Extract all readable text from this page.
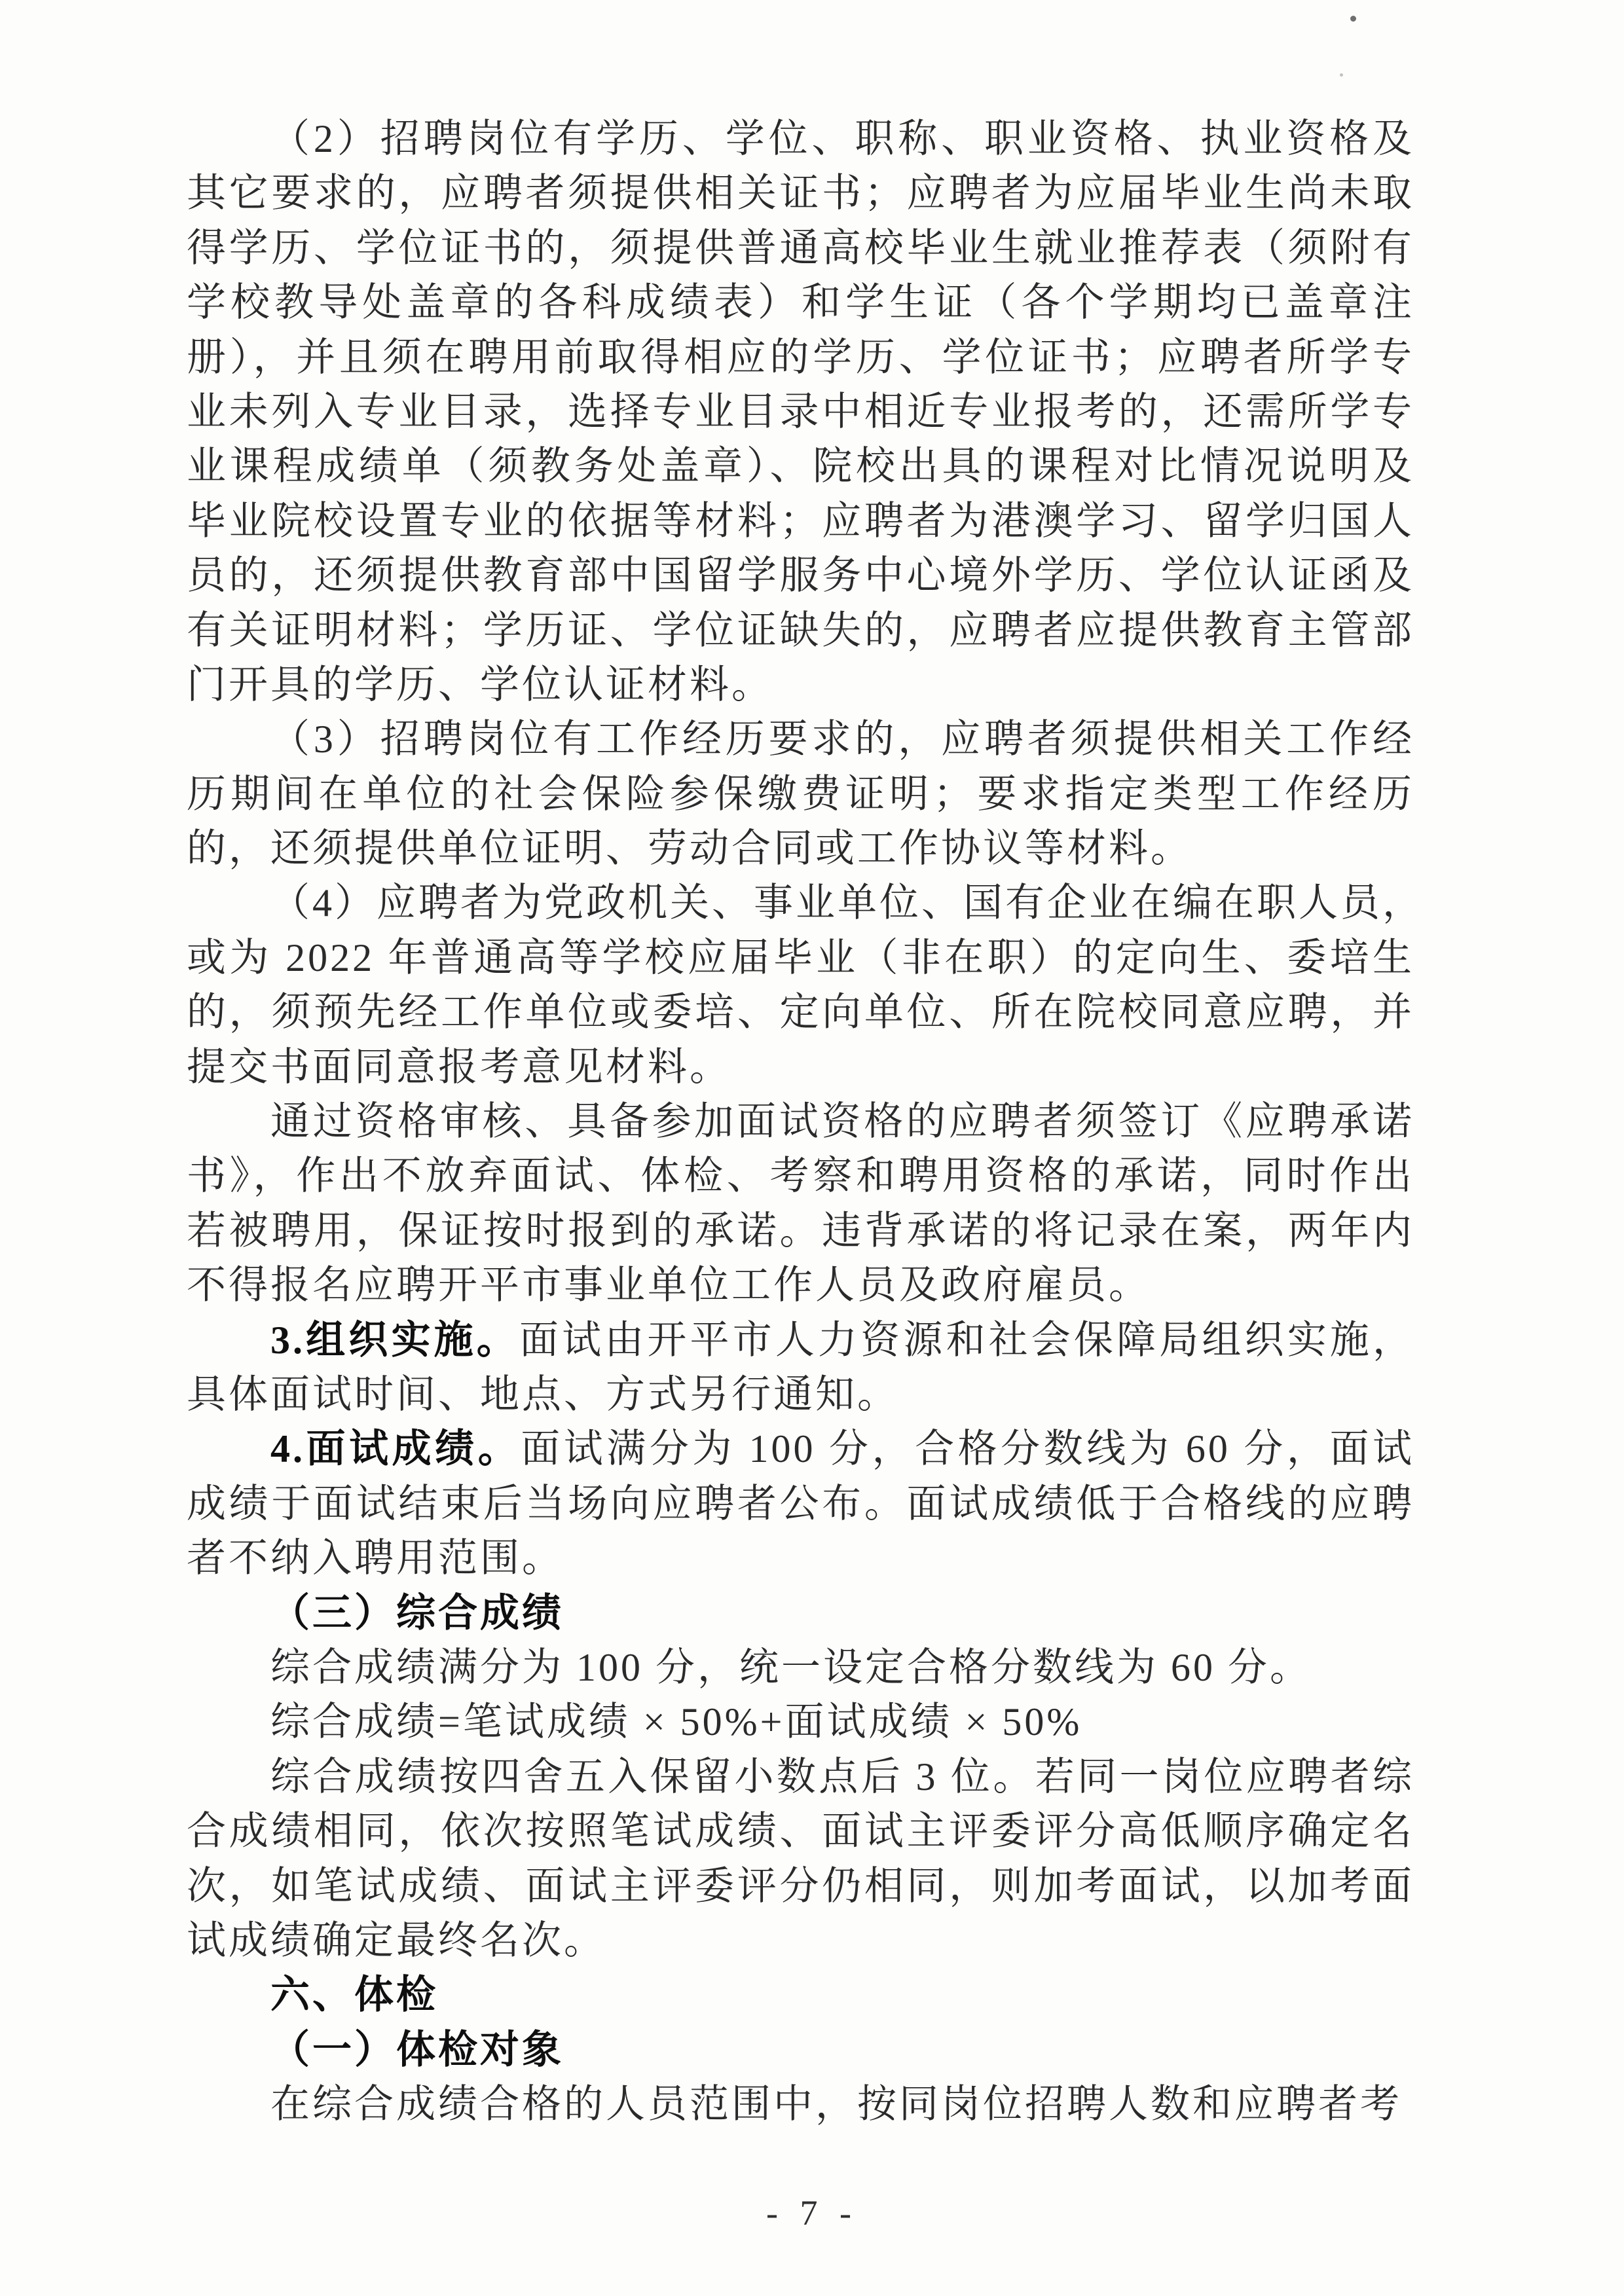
（2）招聘岗位有学历、学位、职称、职业资格、执业资格及
其它要求的，应聘者须提供相关证书；应聘者为应届毕业生尚未取
得学历、学位证书的，须提供普通高校毕业生就业推荐表（须附有
学校教导处盖章的各科成绩表）和学生证（各个学期均已盖章注
册），并且须在聘用前取得相应的学历、学位证书；应聘者所学专
业未列入专业目录，选择专业目录中相近专业报考的，还需所学专
业课程成绩单（须教务处盖章）、院校出具的课程对比情况说明及
毕业院校设置专业的依据等材料；应聘者为港澳学习、留学归国人
员的，还须提供教育部中国留学服务中心境外学历、学位认证函及
有关证明材料；学历证、学位证缺失的，应聘者应提供教育主管部
门开具的学历、学位认证材料。
（3）招聘岗位有工作经历要求的，应聘者须提供相关工作经
历期间在单位的社会保险参保缴费证明；要求指定类型工作经历
的，还须提供单位证明、劳动合同或工作协议等材料。
（4）应聘者为党政机关、事业单位、国有企业在编在职人员，
或为 2022 年普通高等学校应届毕业（非在职）的定向生、委培生
的，须预先经工作单位或委培、定向单位、所在院校同意应聘，并
提交书面同意报考意见材料。
通过资格审核、具备参加面试资格的应聘者须签订《应聘承诺
书》，作出不放弃面试、体检、考察和聘用资格的承诺，同时作出
若被聘用，保证按时报到的承诺。违背承诺的将记录在案，两年内
不得报名应聘开平市事业单位工作人员及政府雇员。
3.组织实施。面试由开平市人力资源和社会保障局组织实施，
具体面试时间、地点、方式另行通知。
4.面试成绩。面试满分为 100 分，合格分数线为 60 分，面试
成绩于面试结束后当场向应聘者公布。面试成绩低于合格线的应聘
者不纳入聘用范围。
（三）综合成绩
综合成绩满分为 100 分，统一设定合格分数线为 60 分。
综合成绩=笔试成绩 × 50%+面试成绩 × 50%
综合成绩按四舍五入保留小数点后 3 位。若同一岗位应聘者综
合成绩相同，依次按照笔试成绩、面试主评委评分高低顺序确定名
次，如笔试成绩、面试主评委评分仍相同，则加考面试，以加考面
试成绩确定最终名次。
六、体检
（一）体检对象
在综合成绩合格的人员范围中，按同岗位招聘人数和应聘者考
- 7 -
